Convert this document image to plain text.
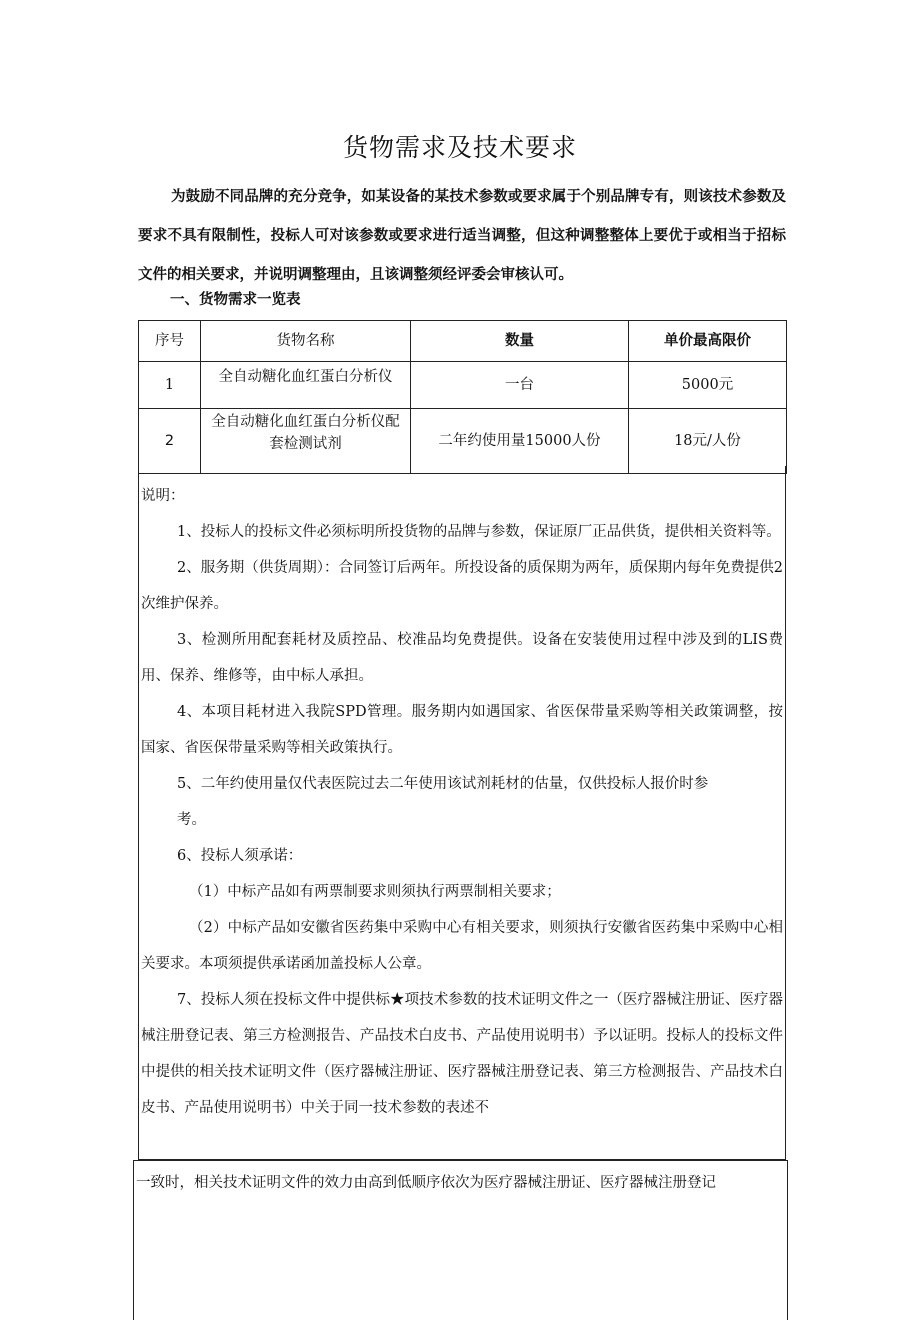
货物需求及技术要求

为鼓励不同品牌的充分竞争，如某设备的某技术参数或要求属于个别品牌专有，则该技术参数及要求不具有限制性，投标人可对该参数或要求进行适当调整，但这种调整整体上要优于或相当于招标文件的相关要求，并说明调整理由，且该调整须经评委会审核认可。

一、货物需求一览表
序号	货物名称	数量	单价最高限价
1	全自动糖化血红蛋白分析仪	一台	5000元
2	全自动糖化血红蛋白分析仪配套检测试剂	二年约使用量15000人份	18元/人份

说明：

1、投标人的投标文件必须标明所投货物的品牌与参数，保证原厂正品供货，提供相关资料等。

2、服务期（供货周期）：合同签订后两年。所投设备的质保期为两年，质保期内每年免费提供2次维护保养。

3、检测所用配套耗材及质控品、校准品均免费提供。设备在安装使用过程中涉及到的LIS费用、保养、维修等，由中标人承担。

4、本项目耗材进入我院SPD管理。服务期内如遇国家、省医保带量采购等相关政策调整，按国家、省医保带量采购等相关政策执行。

5、二年约使用量仅代表医院过去二年使用该试剂耗材的估量，仅供投标人报价时参

考。

6、投标人须承诺：

（1）中标产品如有两票制要求则须执行两票制相关要求；

（2）中标产品如安徽省医药集中采购中心有相关要求，则须执行安徽省医药集中采购中心相关要求。本项须提供承诺函加盖投标人公章。

7、投标人须在投标文件中提供标★项技术参数的技术证明文件之一（医疗器械注册证、医疗器械注册登记表、第三方检测报告、产品技术白皮书、产品使用说明书）予以证明。投标人的投标文件中提供的相关技术证明文件（医疗器械注册证、医疗器械注册登记表、第三方检测报告、产品技术白皮书、产品使用说明书）中关于同一技术参数的表述不

一致时，相关技术证明文件的效力由高到低顺序依次为医疗器械注册证、医疗器械注册登记
